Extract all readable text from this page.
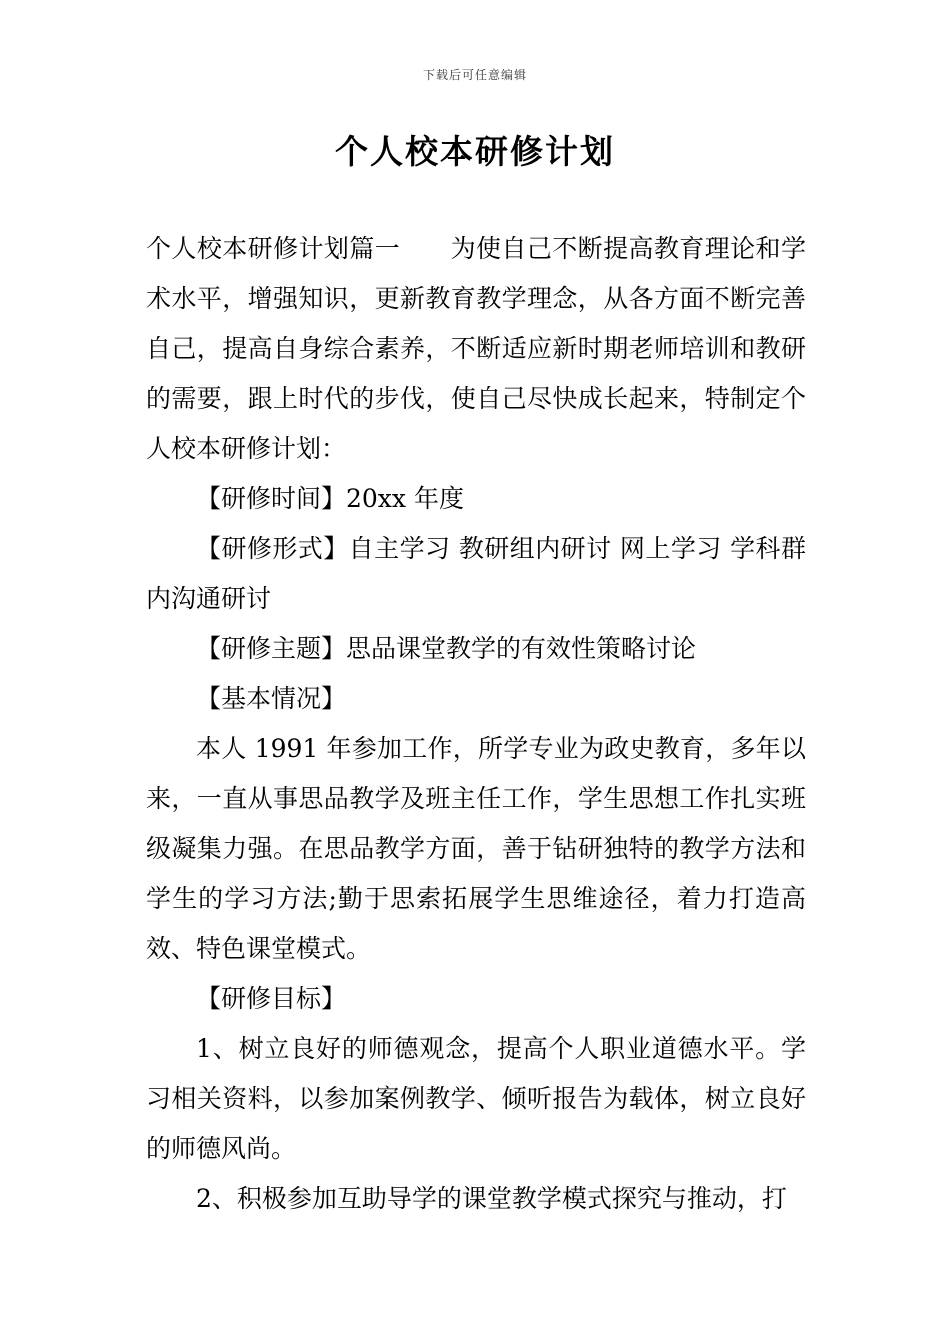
下载后可任意编辑
个人校本研修计划

个人校本研修计划篇一 为使自己不断提高教育理论和学术水平，增强知识，更新教育教学理念，从各方面不断完善自己，提高自身综合素养，不断适应新时期老师培训和教研的需要，跟上时代的步伐，使自己尽快成长起来，特制定个人校本研修计划：

【研修时间】20xx 年度

【研修形式】自主学习 教研组内研讨 网上学习 学科群内沟通研讨

【研修主题】思品课堂教学的有效性策略讨论

【基本情况】

本人 1991 年参加工作，所学专业为政史教育，多年以来，一直从事思品教学及班主任工作，学生思想工作扎实班级凝集力强。在思品教学方面，善于钻研独特的教学方法和学生的学习方法;勤于思索拓展学生思维途径，着力打造高效、特色课堂模式。

【研修目标】

1、树立良好的师德观念，提高个人职业道德水平。学习相关资料，以参加案例教学、倾听报告为载体，树立良好的师德风尚。

2、积极参加互助导学的课堂教学模式探究与推动，打
